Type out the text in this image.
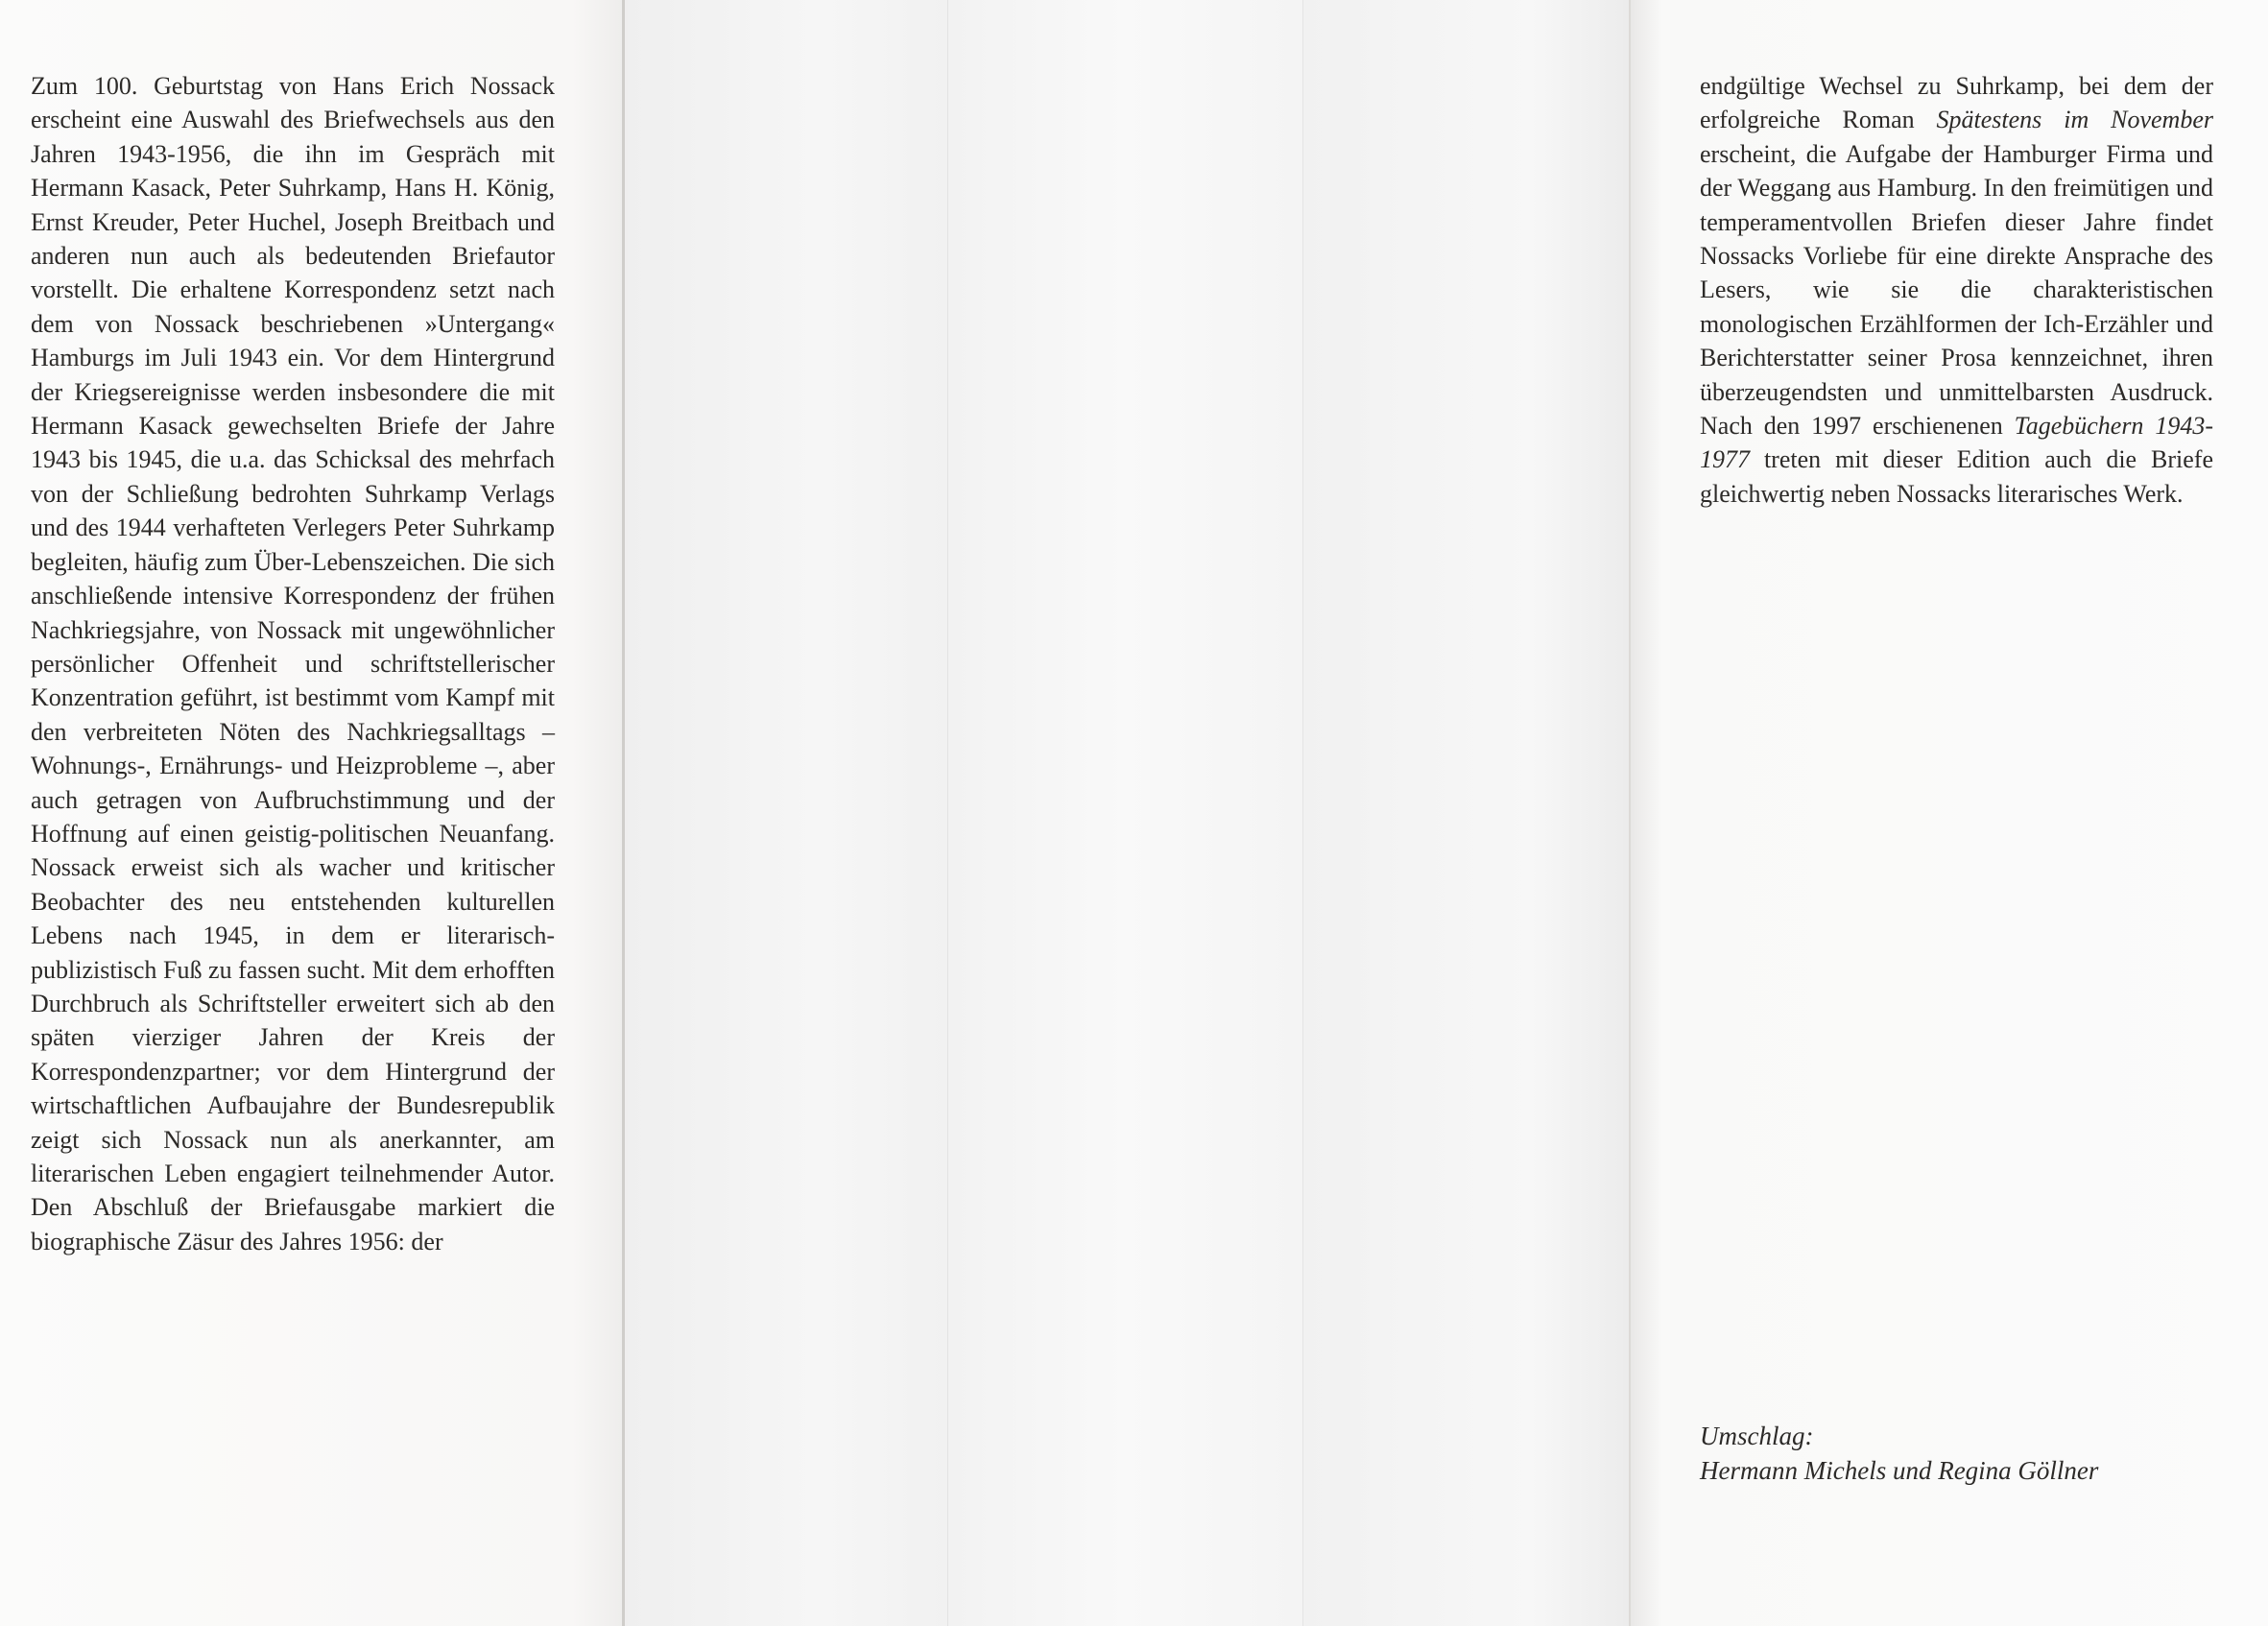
Zum 100. Geburtstag von Hans Erich Nossack erscheint eine Auswahl des Briefwechsels aus den Jahren 1943-1956, die ihn im Gespräch mit Hermann Kasack, Peter Suhrkamp, Hans H. König, Ernst Kreuder, Peter Huchel, Joseph Breitbach und anderen nun auch als bedeutenden Briefautor vorstellt. Die erhaltene Korrespondenz setzt nach dem von Nossack beschriebenen »Untergang« Hamburgs im Juli 1943 ein. Vor dem Hintergrund der Kriegsereignisse werden insbesondere die mit Hermann Kasack gewechselten Briefe der Jahre 1943 bis 1945, die u.a. das Schicksal des mehrfach von der Schließung bedrohten Suhrkamp Verlags und des 1944 verhafteten Verlegers Peter Suhrkamp begleiten, häufig zum Über-Lebenszeichen. Die sich anschließende intensive Korrespondenz der frühen Nachkriegsjahre, von Nossack mit ungewöhnlicher persönlicher Offenheit und schriftstellerischer Konzentration geführt, ist bestimmt vom Kampf mit den verbreiteten Nöten des Nachkriegsalltags – Wohnungs-, Ernährungs- und Heizprobleme –, aber auch getragen von Aufbruchstimmung und der Hoffnung auf einen geistig-politischen Neuanfang. Nossack erweist sich als wacher und kritischer Beobachter des neu entstehenden kulturellen Lebens nach 1945, in dem er literarisch-publizistisch Fuß zu fassen sucht. Mit dem erhofften Durchbruch als Schriftsteller erweitert sich ab den späten vierziger Jahren der Kreis der Korrespondenzpartner; vor dem Hintergrund der wirtschaftlichen Aufbaujahre der Bundesrepublik zeigt sich Nossack nun als anerkannter, am literarischen Leben engagiert teilnehmender Autor. Den Abschluß der Briefausgabe markiert die biographische Zäsur des Jahres 1956: der

endgültige Wechsel zu Suhrkamp, bei dem der erfolgreiche Roman Spätestens im November erscheint, die Aufgabe der Hamburger Firma und der Weggang aus Hamburg. In den freimütigen und temperamentvollen Briefen dieser Jahre findet Nossacks Vorliebe für eine direkte Ansprache des Lesers, wie sie die charakteristischen monologischen Erzählformen der Ich-Erzähler und Berichterstatter seiner Prosa kennzeichnet, ihren überzeugendsten und unmittelbarsten Ausdruck. Nach den 1997 erschienenen Tagebüchern 1943-1977 treten mit dieser Edition auch die Briefe gleichwertig neben Nossacks literarisches Werk.

Umschlag:
Hermann Michels und Regina Göllner
